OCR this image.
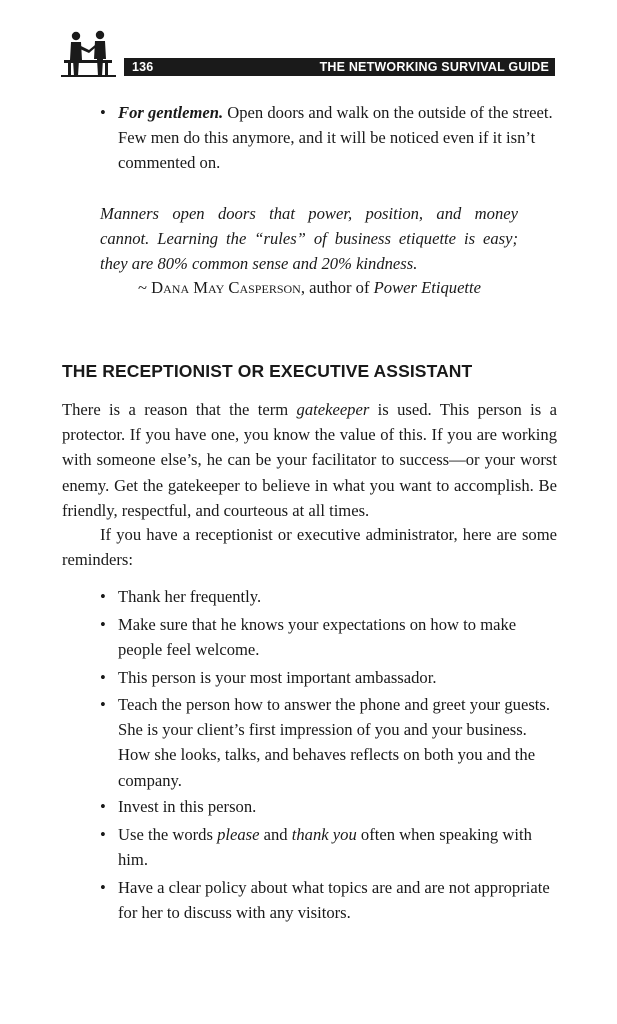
136	THE NETWORKING SURVIVAL GUIDE
• For gentlemen. Open doors and walk on the outside of the street. Few men do this anymore, and it will be noticed even if it isn’t commented on.
Manners open doors that power, position, and money
cannot. Learning the “rules” of business etiquette is easy;
they are 80% common sense and 20% kindness.
~ Dana May Casperson, author of Power Etiquette
THE RECEPTIONIST OR EXECUTIVE ASSISTANT
There is a reason that the term gatekeeper is used. This person is a protector. If you have one, you know the value of this. If you are working with someone else’s, he can be your facilitator to success—or your worst enemy. Get the gatekeeper to believe in what you want to accomplish. Be friendly, respectful, and courteous at all times.
If you have a receptionist or executive administrator, here are some reminders:
• Thank her frequently.
• Make sure that he knows your expectations on how to make people feel welcome.
• This person is your most important ambassador.
• Teach the person how to answer the phone and greet your guests. She is your client’s first impression of you and your business. How she looks, talks, and behaves reflects on both you and the company.
• Invest in this person.
• Use the words please and thank you often when speaking with him.
• Have a clear policy about what topics are and are not appropriate for her to discuss with any visitors.
